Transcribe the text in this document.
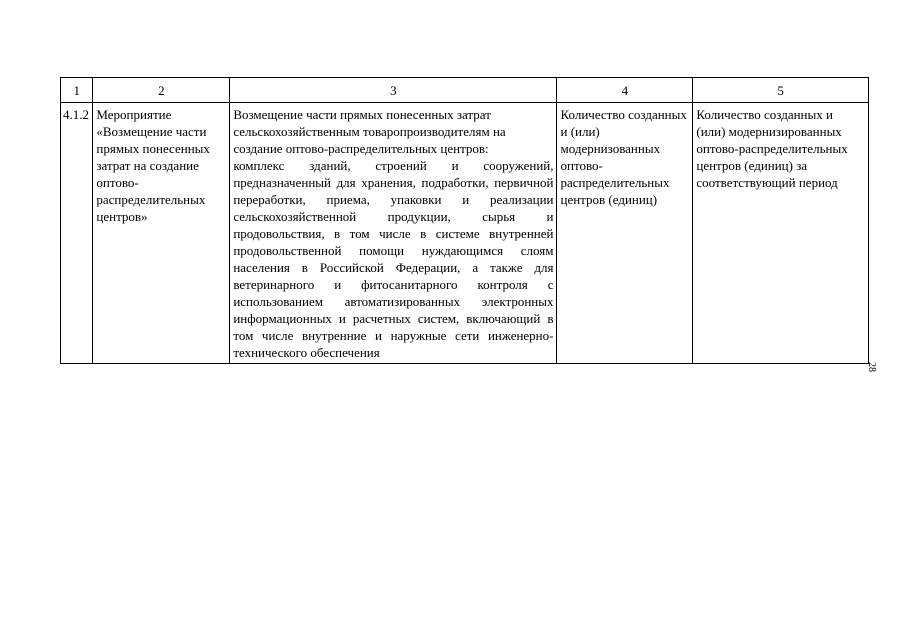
1	2	3	4	5
4.1.2	Мероприятие «Возмещение части прямых понесенных затрат на создание оптово-распределительных центров»	Возмещение части прямых понесенных затрат сельскохозяйственным товаропроизводителям на создание оптово-распределительных центров:
комплекс зданий, строений и сооружений, предназначенный для хранения, подработки, первичной переработки, приема, упаковки и реализации сельскохозяйственной продукции, сырья и продовольствия, в том числе в системе внутренней продовольственной помощи нуждающимся слоям населения в Российской Федерации, а также для ветеринарного и фитосанитарного контроля с использованием автоматизированных электронных информационных и расчетных систем, включающий в том числе внутренние и наружные сети инженерно-технического обеспечения	Количество созданных и (или) модернизованных оптово-распределительных центров (единиц)	Количество созданных и (или) модернизированных оптово-распределительных центров (единиц) за соответствующий период
28
